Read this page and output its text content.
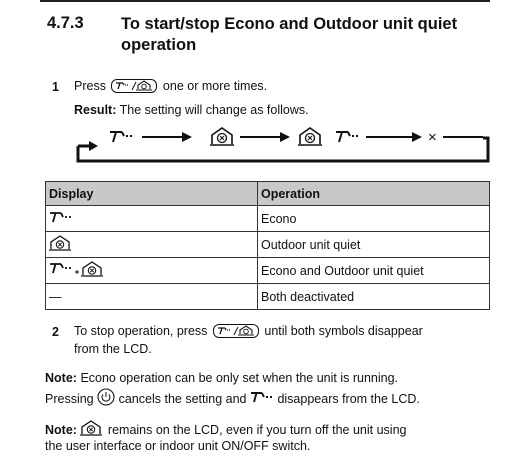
4.7.3 To start/stop Econo and Outdoor unit quiet operation
1 Press	one or more times.
Result: The setting will change as follows.
×
Display	Operation
	Econo
	Outdoor unit quiet
	Econo and Outdoor unit quiet
—	Both deactivated
2 To stop operation, press	until both symbols disappear
from the LCD.
Note: Econo operation can be only set when the unit is running.
Pressing cancels the setting and disappears from the LCD.
Note: remains on the LCD, even if you turn off the unit using
the user interface or indoor unit ON/OFF switch.
